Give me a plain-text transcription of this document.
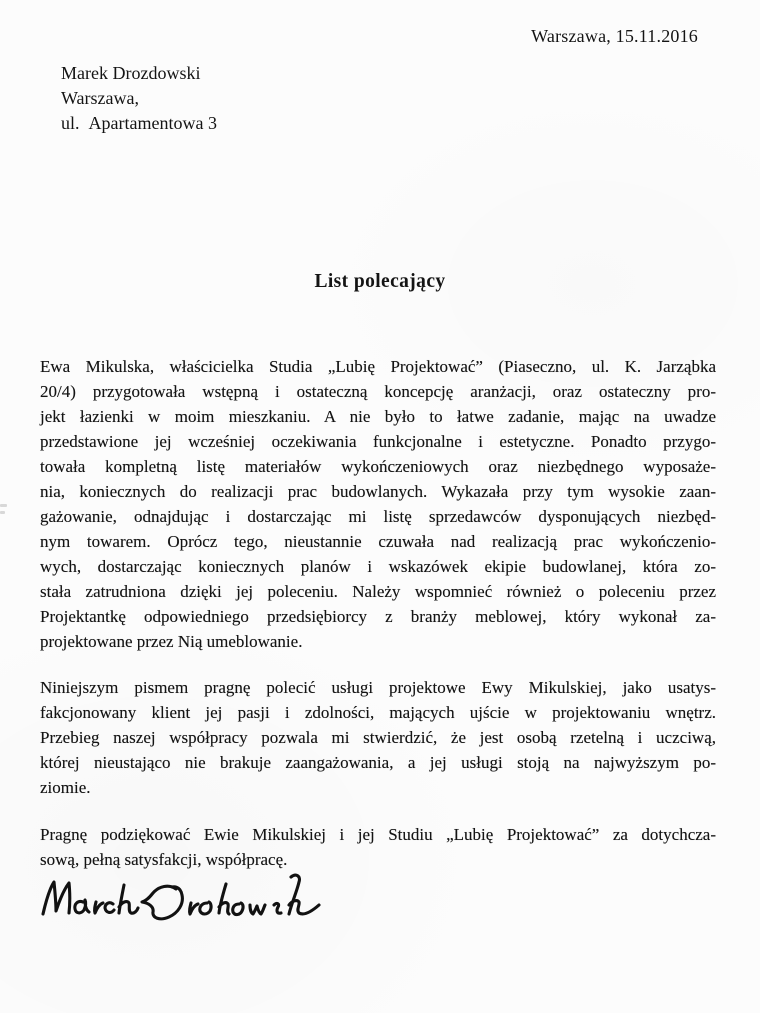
Warszawa, 15.11.2016
Marek Drozdowski
Warszawa,
ul.  Apartamentowa 3
List polecający
Ewa Mikulska, właścicielka Studia „Lubię Projektować” (Piaseczno, ul. K. Jarząbka
20/4) przygotowała wstępną i ostateczną koncepcję aranżacji, oraz ostateczny pro-
jekt łazienki w moim mieszkaniu. A nie było to łatwe zadanie, mając na uwadze
przedstawione jej wcześniej oczekiwania funkcjonalne i estetyczne. Ponadto przygo-
towała kompletną listę materiałów wykończeniowych oraz niezbędnego wyposaże-
nia, koniecznych do realizacji prac budowlanych. Wykazała przy tym wysokie zaan-
gażowanie, odnajdując i dostarczając mi listę sprzedawców dysponujących niezbęd-
nym towarem. Oprócz tego, nieustannie czuwała nad realizacją prac wykończenio-
wych, dostarczając koniecznych planów i wskazówek ekipie budowlanej, która zo-
stała zatrudniona dzięki jej poleceniu. Należy wspomnieć również o poleceniu przez
Projektantkę odpowiedniego przedsiębiorcy z branży meblowej, który wykonał za-
projektowane przez Nią umeblowanie.
Niniejszym pismem pragnę polecić usługi projektowe Ewy Mikulskiej, jako usatys-
fakcjonowany klient jej pasji i zdolności, mających ujście w projektowaniu wnętrz.
Przebieg naszej współpracy pozwala mi stwierdzić, że jest osobą rzetelną i uczciwą,
której nieustająco nie brakuje zaangażowania, a jej usługi stoją na najwyższym po-
ziomie.
Pragnę podziękować Ewie Mikulskiej i jej Studiu „Lubię Projektować” za dotychcza-
sową, pełną satysfakcji, współpracę.
